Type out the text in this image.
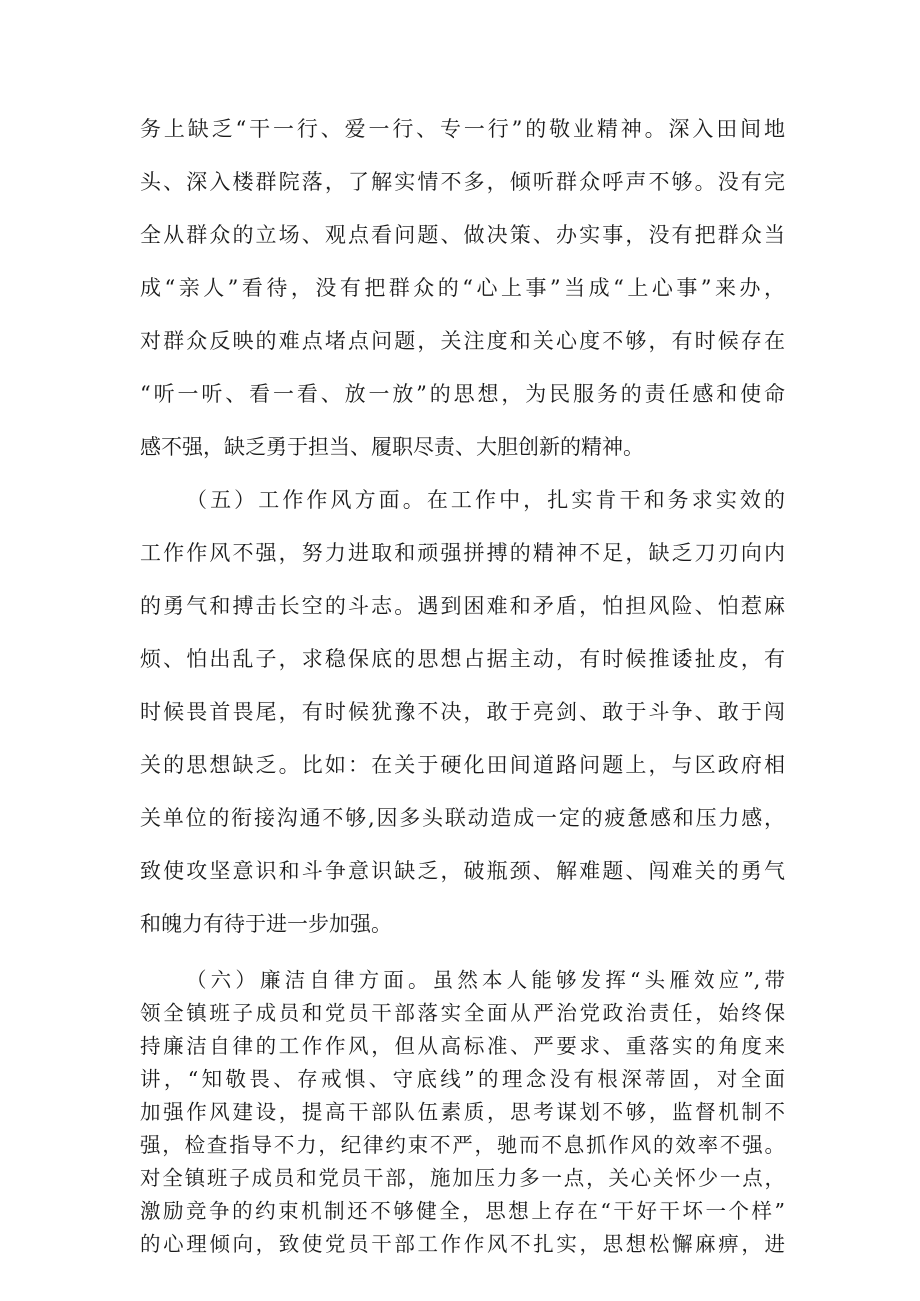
务上缺乏“干一行、爱一行、专一行”的敬业精神。深入田间地
头、深入楼群院落，了解实情不多，倾听群众呼声不够。没有完
全从群众的立场、观点看问题、做决策、办实事，没有把群众当
成“亲人”看待，没有把群众的“心上事”当成“上心事”来办，
对群众反映的难点堵点问题，关注度和关心度不够，有时候存在
“听一听、看一看、放一放”的思想，为民服务的责任感和使命
感不强，缺乏勇于担当、履职尽责、大胆创新的精神。
（五）工作作风方面。在工作中，扎实肯干和务求实效的
工作作风不强，努力进取和顽强拼搏的精神不足，缺乏刀刃向内
的勇气和搏击长空的斗志。遇到困难和矛盾，怕担风险、怕惹麻
烦、怕出乱子，求稳保底的思想占据主动，有时候推诿扯皮，有
时候畏首畏尾，有时候犹豫不决，敢于亮剑、敢于斗争、敢于闯
关的思想缺乏。比如：在关于硬化田间道路问题上，与区政府相
关单位的衔接沟通不够,因多头联动造成一定的疲惫感和压力感，
致使攻坚意识和斗争意识缺乏，破瓶颈、解难题、闯难关的勇气
和魄力有待于进一步加强。
（六）廉洁自律方面。虽然本人能够发挥“头雁效应”,带
领全镇班子成员和党员干部落实全面从严治党政治责任，始终保
持廉洁自律的工作作风，但从高标准、严要求、重落实的角度来
讲，“知敬畏、存戒惧、守底线”的理念没有根深蒂固，对全面
加强作风建设，提高干部队伍素质，思考谋划不够，监督机制不
强，检查指导不力，纪律约束不严，驰而不息抓作风的效率不强。
对全镇班子成员和党员干部，施加压力多一点，关心关怀少一点，
激励竞争的约束机制还不够健全，思想上存在“干好干坏一个样”
的心理倾向，致使党员干部工作作风不扎实，思想松懈麻痹，进
